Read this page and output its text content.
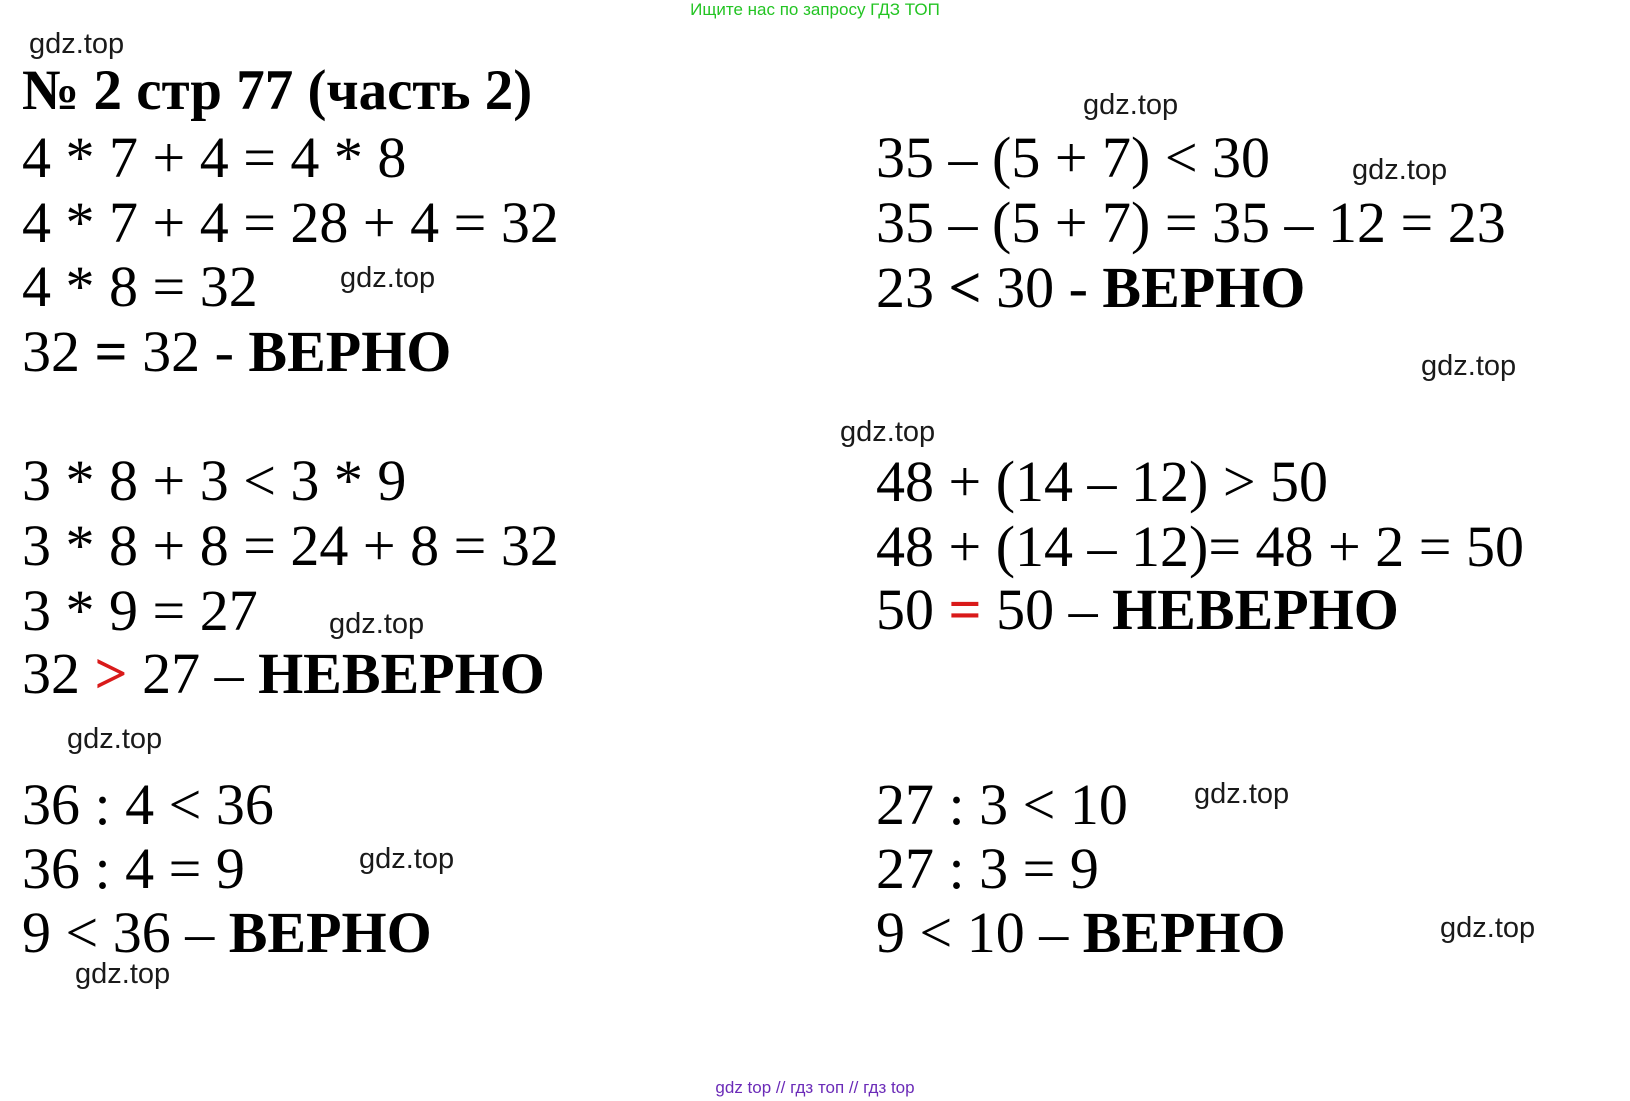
Ищите нас по запросу ГДЗ ТОП
№ 2 стр 77 (часть 2)
4 * 7 + 4 = 4 * 8
4 * 7 + 4 = 28 + 4 = 32
4 * 8 = 32
32 = 32 - ВЕРНО
35 – (5 + 7) < 30
35 – (5 + 7) = 35 – 12 = 23
23 < 30 - ВЕРНО
3 * 8 + 3 < 3 * 9
3 * 8 + 8 = 24 + 8 = 32
3 * 9 = 27
32 > 27 – НЕВЕРНО
48 + (14 – 12) > 50
48 + (14 – 12)= 48 + 2 = 50
50 = 50 – НЕВЕРНО
36 : 4 < 36
36 : 4 = 9
9 < 36 – ВЕРНО
27 : 3 < 10
27 : 3 = 9
9 < 10 – ВЕРНО
gdz.top
gdz.top
gdz.top
gdz.top
gdz.top
gdz.top
gdz.top
gdz.top
gdz.top
gdz.top
gdz.top
gdz.top
gdz top // гдз топ // гдз top
